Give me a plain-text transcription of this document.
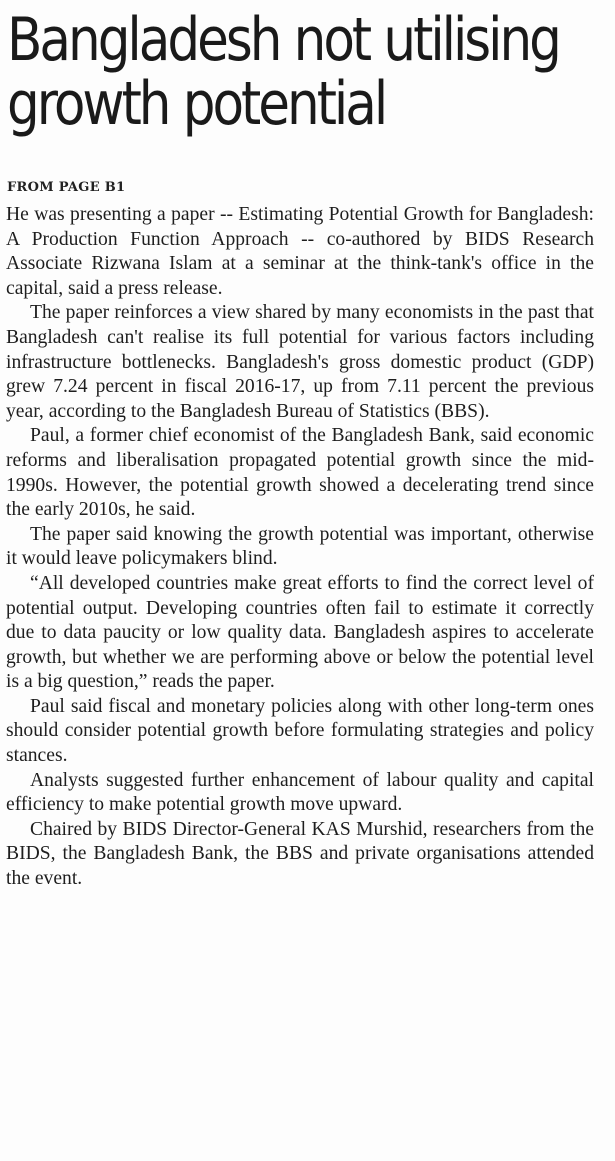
Bangladesh not utilising
growth potential
FROM PAGE B1

He was presenting a paper -- Estimating Potential Growth for Bangladesh: A Production Function Approach -- co-authored by BIDS Research Associate Rizwana Islam at a seminar at the think-tank's office in the capital, said a press release.

The paper reinforces a view shared by many economists in the past that Bangladesh can't realise its full potential for various factors including infrastructure bottlenecks. Bangladesh's gross domestic product (GDP) grew 7.24 percent in fiscal 2016-17, up from 7.11 percent the previous year, according to the Bangladesh Bureau of Statistics (BBS).

Paul, a former chief economist of the Bangladesh Bank, said economic reforms and liberalisation propagated potential growth since the mid-1990s. However, the potential growth showed a decelerating trend since the early 2010s, he said.

The paper said knowing the growth potential was important, otherwise it would leave policymakers blind.

“All developed countries make great efforts to find the correct level of potential output. Developing countries often fail to estimate it correctly due to data paucity or low quality data. Bangladesh aspires to accelerate growth, but whether we are performing above or below the potential level is a big question,” reads the paper.

Paul said fiscal and monetary policies along with other long-term ones should consider potential growth before formulating strategies and policy stances.

Analysts suggested further enhancement of labour quality and capital efficiency to make potential growth move upward.

Chaired by BIDS Director-General KAS Murshid, researchers from the BIDS, the Bangladesh Bank, the BBS and private organisations attended the event.
